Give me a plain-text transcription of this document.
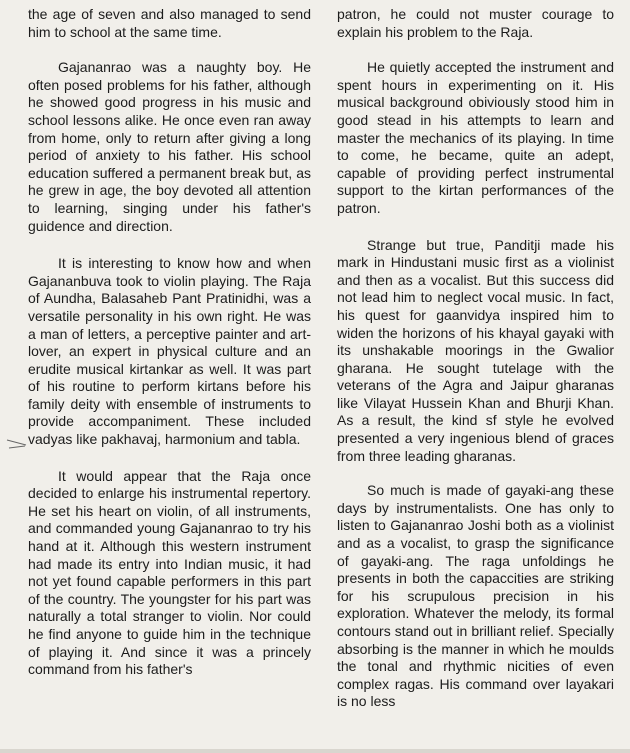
the age of seven and also managed to send him to school at the same time.

Gajananrao was a naughty boy. He often posed problems for his father, although he showed good progress in his music and school lessons alike. He once even ran away from home, only to return after giving a long period of anxiety to his father. His school education suffered a permanent break but, as he grew in age, the boy devoted all attention to learning, singing under his father's guidence and direction.

It is interesting to know how and when Gajananbuva took to violin playing. The Raja of Aundha, Balasaheb Pant Pratinidhi, was a versatile personality in his own right. He was a man of letters, a perceptive painter and art-lover, an expert in physical culture and an erudite musical kirtankar as well. It was part of his routine to perform kirtans before his family deity with ensemble of instruments to provide accompaniment. These included vadyas like pakhavaj, harmonium and tabla.

It would appear that the Raja once decided to enlarge his instrumental repertory. He set his heart on violin, of all instruments, and commanded young Gajananrao to try his hand at it. Although this western instrument had made its entry into Indian music, it had not yet found capable performers in this part of the country. The youngster for his part was naturally a total stranger to violin. Nor could he find anyone to guide him in the technique of playing it. And since it was a princely command from his father's

patron, he could not muster courage to explain his problem to the Raja.

He quietly accepted the instrument and spent hours in experimenting on it. His musical background obiviously stood him in good stead in his attempts to learn and master the mechanics of its playing. In time to come, he became, quite an adept, capable of providing perfect instrumental support to the kirtan performances of the patron.

Strange but true, Panditji made his mark in Hindustani music first as a violinist and then as a vocalist. But this success did not lead him to neglect vocal music. In fact, his quest for gaanvidya inspired him to widen the horizons of his khayal gayaki with its unshakable moorings in the Gwalior gharana. He sought tutelage with the veterans of the Agra and Jaipur gharanas like Vilayat Hussein Khan and Bhurji Khan. As a result, the kind sf style he evolved presented a very ingenious blend of graces from three leading gharanas.

So much is made of gayaki-ang these days by instrumentalists. One has only to listen to Gajananrao Joshi both as a violinist and as a vocalist, to grasp the significance of gayaki-ang. The raga unfoldings he presents in both the capaccities are striking for his scrupulous precision in his exploration. Whatever the melody, its formal contours stand out in brilliant relief. Specially absorbing is the manner in which he moulds the tonal and rhythmic nicities of even complex ragas. His command over layakari is no less
